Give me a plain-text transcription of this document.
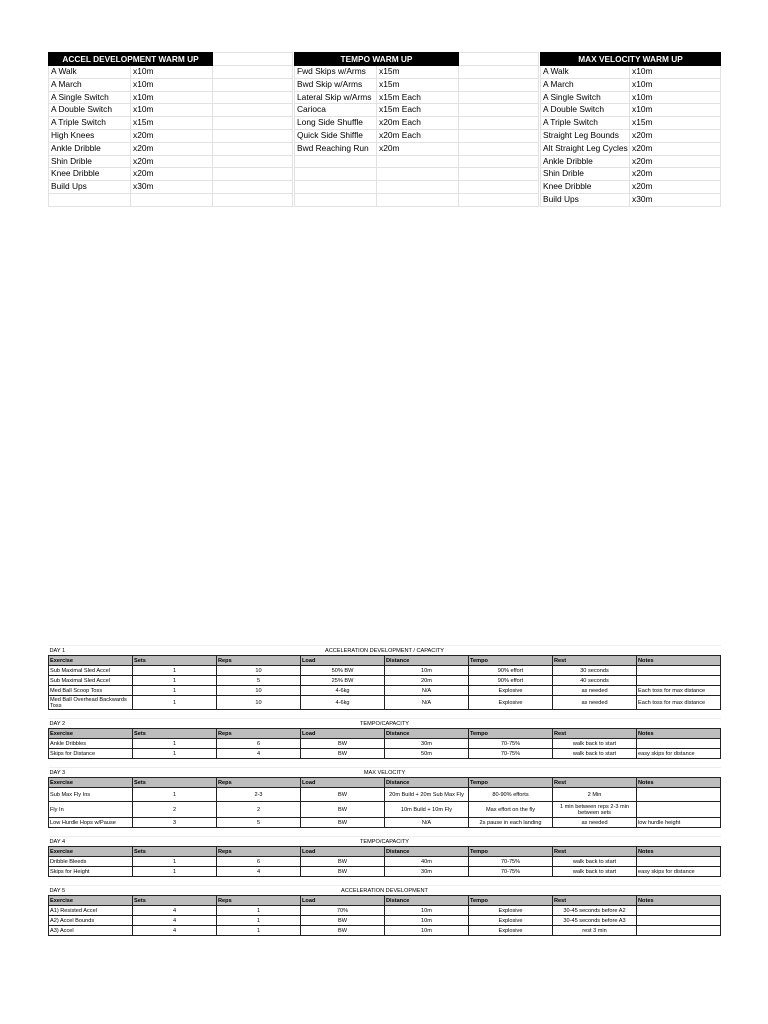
ACCEL DEVELOPMENT WARM UP		
A Walk	x10m	
A March	x10m	
A Single Switch	x10m	
A Double Switch	x10m	
A Triple Switch	x15m	
High Knees	x20m	
Ankle Dribble	x20m	
Shin Drible	x20m	
Knee Dribble	x20m	
Build Ups	x30m	

TEMPO WARM UP		
Fwd Skips w/Arms	x15m	
Bwd Skip w/Arms	x15m	
Lateral Skip w/Arms	x15m Each	
Carioca	x15m Each	
Long Side Shuffle	x20m Each	
Quick Side Shiffle	x20m Each	
Bwd Reaching Run	x20m	

MAX VELOCITY WARM UP	
A Walk	x10m
A March	x10m
A Single Switch	x10m
A Double Switch	x10m
A Triple Switch	x15m
Straight Leg Bounds	x20m
Alt Straight Leg Cycles	x20m
Ankle Dribble	x20m
Shin Drible	x20m
Knee Dribble	x20m
Build Ups	x30m
DAY 1	ACCELERATION DEVELOPMENT / CAPACITY						
Exercise	Sets	Reps	Load	Distance	Tempo	Rest	Notes
Sub Maximal Sled Accel	1	10	50% BW	10m	90% effort	30 seconds	
Sub Maximal Sled Accel	1	5	25% BW	20m	90% effort	40 seconds	
Med Ball Scoop Toss	1	10	4-6kg	N/A	Explosive	as needed	Each toss for max distance
Med Ball Overhead Backwards Toss	1	10	4-6kg	N/A	Explosive	as needed	Each toss for max distance

DAY 2	TEMPO/CAPACITY						
Exercise	Sets	Reps	Load	Distance	Tempo	Rest	Notes
Ankle Dribbles	1	6	BW	30m	70-75%	walk back to start	
Skips for Distance	1	4	BW	50m	70-75%	walk back to start	easy skips for distance

DAY 3	MAX VELOCITY						
Exercise	Sets	Reps	Load	Distance	Tempo	Rest	Notes
Sub Max Fly Ins	1	2-3	BW	20m Build + 20m Sub Max Fly	80-90% efforts	2 Min	
Fly In	2	2	BW	10m Build + 10m Fly	Max effort on the fly	1 min between reps 2-3 min between sets	
Low Hurdle Hops w/Pause	3	5	BW	N/A	2s pause in each landing	as needed	low hurdle height

DAY 4	TEMPO/CAPACITY						
Exercise	Sets	Reps	Load	Distance	Tempo	Rest	Notes
Dribble Bleeds	1	6	BW	40m	70-75%	walk back to start	
Skips for Height	1	4	BW	30m	70-75%	walk back to start	easy skips for distance

DAY 5	ACCELERATION DEVELOPMENT						
Exercise	Sets	Reps	Load	Distance	Tempo	Rest	Notes
A1) Resisted Accel	4	1	70%	10m	Explosive	30-45 seconds before A2	
A2) Accel Bounds	4	1	BW	10m	Explosive	30-45 seconds before A3	
A3) Accel	4	1	BW	10m	Explosive	rest 3 min	
